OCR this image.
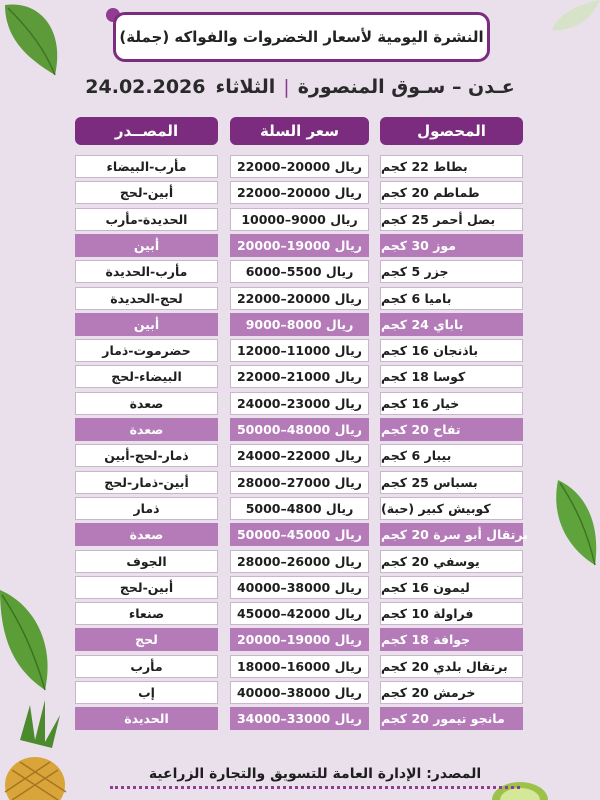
النشرة اليومية لأسعار الخضروات والفواكه (جملة)
عـدن – سـوق المنصورة
|
الثلاثاء
24.02.2026
المحصول
سعر السلة
المصــدر
بطاط 22 كجم
22000–20000 ريال
مأرب-البيضاء
طماطم 20 كجم
22000–20000 ريال
أبين-لحج
بصل أحمر 25 كجم
10000–9000 ريال
الحديدة-مأرب
موز 30 كجم
20000–19000 ريال
أبين
جزر 5 كجم
6000–5500 ريال
مأرب-الحديدة
باميا 6 كجم
22000–20000 ريال
لحج-الحديدة
باباي 24 كجم
9000–8000 ريال
أبين
باذنجان 16 كجم
12000–11000 ريال
حضرموت-ذمار
كوسا 18 كجم
22000–21000 ريال
البيضاء-لحج
خيار 16 كجم
24000–23000 ريال
صعدة
تفاح 20 كجم
50000–48000 ريال
صعدة
بيبار 6 كجم
24000–22000 ريال
ذمار-لحج-أبين
بسباس 25 كجم
28000–27000 ريال
أبين-ذمار-لحج
كوبيش كبير (حبة)
5000–4800 ريال
ذمار
برتقال أبو سرة 20 كجم
50000–45000 ريال
صعدة
يوسفي 20 كجم
28000–26000 ريال
الجوف
ليمون 16 كجم
40000–38000 ريال
أبين-لحج
فراولة 10 كجم
45000–42000 ريال
صنعاء
جوافة 18 كجم
20000–19000 ريال
لحج
برتقال بلدي 20 كجم
18000–16000 ريال
مأرب
خرمش 20 كجم
40000–38000 ريال
إب
مانجو تيمور 20 كجم
34000–33000 ريال
الحديدة
المصدر: الإدارة العامة للتسويق والتجارة الزراعية
